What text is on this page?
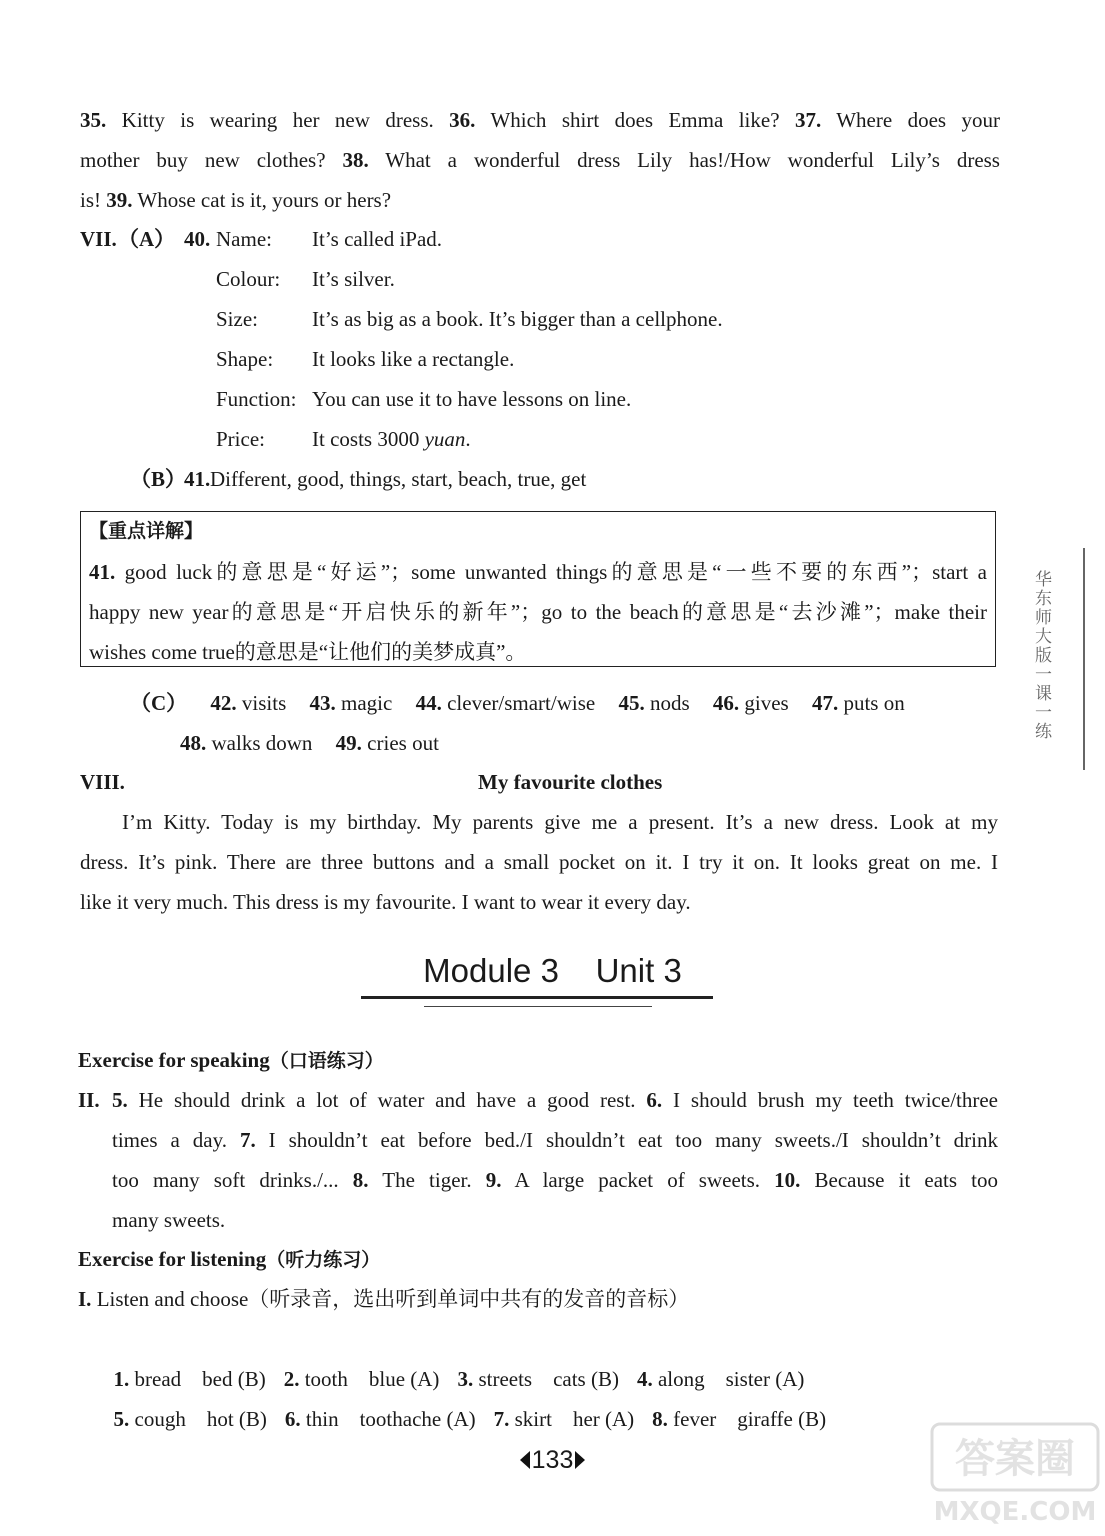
35. Kitty is wearing her new dress. 36. Which shirt does Emma like? 37. Where does your
mother buy new clothes? 38. What a wonderful dress Lily has!/How wonderful Lily’s dress
is! 39. Whose cat is it, yours or hers?
VII. （A） 40. Name: It’s called iPad.
Colour: It’s silver.
Size:	It’s as big as a book. It’s bigger than a cellphone.
Shape: It looks like a rectangle.
Function: You can use it to have lessons on line.
Price: It costs 3000 yuan.
（B）
41. Different, good, things, start, beach, true, get
【重点详解】
41. good luck的意思是“好运”；some unwanted things的意思是“一些不要的东西”；start a
happy new year的意思是“开启快乐的新年”；go to the beach的意思是“去沙滩”；make their
wishes come true的意思是“让他们的美梦成真”。
（C） 42. visits 43. magic 44. clever/smart/wise 45. nods 46. gives 47. puts on
48. walks down 49. cries out
VIII.	My favourite clothes
I’m Kitty. Today is my birthday. My parents give me a present. It’s a new dress. Look at my
dress. It’s pink. There are three buttons and a small pocket on it. I try it on. It looks great on me. I
like it very much. This dress is my favourite. I want to wear it every day.
Module 3    Unit 3
Exercise for speaking（口语练习）
II. 5. He should drink a lot of water and have a good rest. 6. I should brush my teeth twice/three
times a day. 7. I shouldn’t eat before bed./I shouldn’t eat too many sweets./I shouldn’t drink
too many soft drinks./... 8. The tiger. 9. A large packet of sweets. 10. Because it eats too
many sweets.
Exercise for listening（听力练习）
I. Listen and choose（听录音，选出听到单词中共有的发音的音标）

1. bread    bed (B) 2. tooth    blue (A) 3. streets    cats (B) 4. along    sister (A)

5. cough    hot (B) 6. thin    toothache (A) 7. skirt    her (A) 8. fever    giraffe (B)

133
华东师大版一课一练
答案圈
MXQE.COM
